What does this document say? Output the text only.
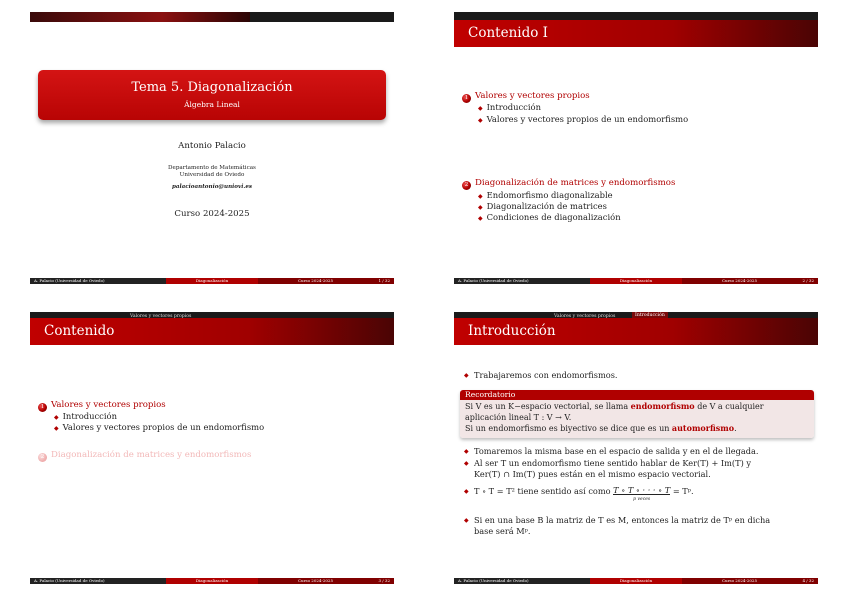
Tema 5. Diagonalización
Álgebra Lineal
Antonio Palacio
Departamento de Matemáticas
Universidad de Oviedo
palacioantonio@uniovi.es
Curso 2024-2025
A. Palacio (Universidad de Oviedo)	Diagonalización	Curso 2024-2025	1 / 32
Contenido I
1 Valores y vectores propios
◆ Introducción
◆ Valores y vectores propios de un endomorfismo
2 Diagonalización de matrices y endomorfismos
◆ Endomorfismo diagonalizable
◆ Diagonalización de matrices
◆ Condiciones de diagonalización
A. Palacio (Universidad de Oviedo)	Diagonalización	Curso 2024-2025	2 / 32
Valores y vectores propios
Contenido
1 Valores y vectores propios
◆ Introducción
◆ Valores y vectores propios de un endomorfismo
2 Diagonalización de matrices y endomorfismos
A. Palacio (Universidad de Oviedo)	Diagonalización	Curso 2024-2025	3 / 32
Valores y vectores propios	Introducción
Introducción
◆ Trabajaremos con endomorfismos.
Recordatorio
Si V es un K−espacio vectorial, se llama endomorfismo de V a cualquier
aplicación lineal T : V → V.
Si un endomorfismo es biyectivo se dice que es un automorfismo.
◆ Tomaremos la misma base en el espacio de salida y en el de llegada.
◆ Al ser T un endomorfismo tiene sentido hablar de Ker(T) + Im(T) y
Ker(T) ∩ Im(T) pues están en el mismo espacio vectorial.
◆ T ∘ T = T² tiene sentido así como T ∘ T ∘ · · · ∘ T
p veces
= Tᵖ.
◆ Si en una base B la matriz de T es M, entonces la matriz de Tᵖ en dicha
base será Mᵖ.
A. Palacio (Universidad de Oviedo)	Diagonalización	Curso 2024-2025	4 / 32
